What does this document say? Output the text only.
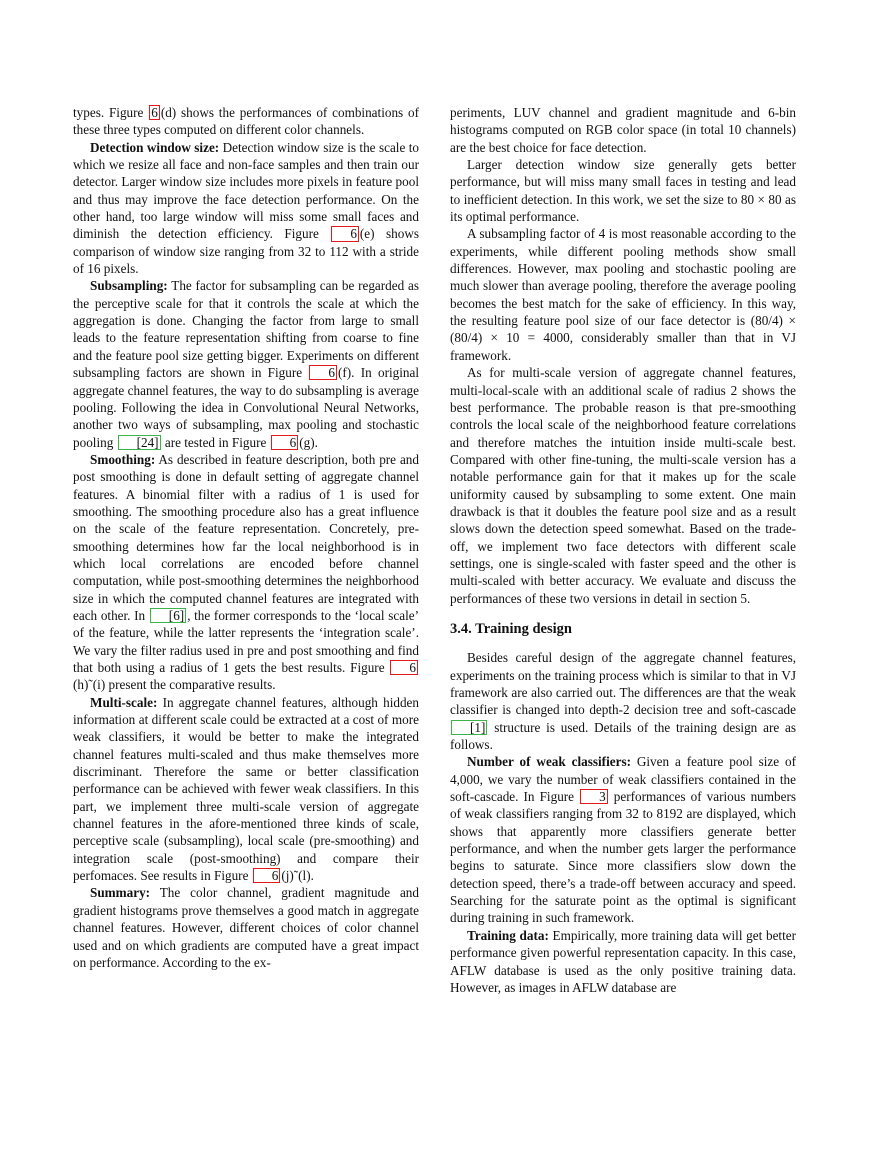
types. Figure 6 (d) shows the performances of combinations of these three types computed on different color channels.

Detection window size: Detection window size is the scale to which we resize all face and non-face samples and then train our detector. Larger window size includes more pixels in feature pool and thus may improve the face detection performance. On the other hand, too large window will miss some small faces and diminish the detection efficiency. Figure 6 (e) shows comparison of window size ranging from 32 to 112 with a stride of 16 pixels.

Subsampling: The factor for subsampling can be regarded as the perceptive scale for that it controls the scale at which the aggregation is done. Changing the factor from large to small leads to the feature representation shifting from coarse to fine and the feature pool size getting bigger. Experiments on different subsampling factors are shown in Figure 6 (f). In original aggregate channel features, the way to do subsampling is average pooling. Following the idea in Convolutional Neural Networks, another two ways of subsampling, max pooling and stochastic pooling [24] are tested in Figure 6 (g).

Smoothing: As described in feature description, both pre and post smoothing is done in default setting of aggregate channel features. A binomial filter with a radius of 1 is used for smoothing. The smoothing procedure also has a great influence on the scale of the feature representation. Concretely, pre-smoothing determines how far the local neighborhood is in which local correlations are encoded before channel computation, while post-smoothing determines the neighborhood size in which the computed channel features are integrated with each other. In [6] , the former corresponds to the ‘local scale’ of the feature, while the latter represents the ‘integration scale’. We vary the filter radius used in pre and post smoothing and find that both using a radius of 1 gets the best results. Figure 6(h)˜(i) present the comparative results.

Multi-scale: In aggregate channel features, although hidden information at different scale could be extracted at a cost of more weak classifiers, it would be better to make the integrated channel features multi-scaled and thus make themselves more discriminant. Therefore the same or better classification performance can be achieved with fewer weak classifiers. In this part, we implement three multi-scale version of aggregate channel features in the afore-mentioned three kinds of scale, perceptive scale (subsampling), local scale (pre-smoothing) and integration scale (post-smoothing) and compare their perfomaces. See results in Figure 6 (j)˜(l).

Summary: The color channel, gradient magnitude and gradient histograms prove themselves a good match in aggregate channel features. However, different choices of color channel used and on which gradients are computed have a great impact on performance. According to the ex-

periments, LUV channel and gradient magnitude and 6-bin histograms computed on RGB color space (in total 10 channels) are the best choice for face detection.

Larger detection window size generally gets better performance, but will miss many small faces in testing and lead to inefficient detection. In this work, we set the size to 80 × 80 as its optimal performance.

A subsampling factor of 4 is most reasonable according to the experiments, while different pooling methods show small differences. However, max pooling and stochastic pooling are much slower than average pooling, therefore the average pooling becomes the best match for the sake of efficiency. In this way, the resulting feature pool size of our face detector is (80/4) × (80/4) × 10 = 4000, considerably smaller than that in VJ framework.

As for multi-scale version of aggregate channel features, multi-local-scale with an additional scale of radius 2 shows the best performance. The probable reason is that pre-smoothing controls the local scale of the neighborhood feature correlations and therefore matches the intuition inside multi-scale best. Compared with other fine-tuning, the multi-scale version has a notable performance gain for that it makes up for the scale uniformity caused by subsampling to some extent. One main drawback is that it doubles the feature pool size and as a result slows down the detection speed somewhat. Based on the trade-off, we implement two face detectors with different scale settings, one is single-scaled with faster speed and the other is multi-scaled with better accuracy. We evaluate and discuss the performances of these two versions in detail in section 5.

3.4. Training design

Besides careful design of the aggregate channel features, experiments on the training process which is similar to that in VJ framework are also carried out. The differences are that the weak classifier is changed into depth-2 decision tree and soft-cascade [1] structure is used. Details of the training design are as follows.

Number of weak classifiers: Given a feature pool size of 4,000, we vary the number of weak classifiers contained in the soft-cascade. In Figure 3 performances of various numbers of weak classifiers ranging from 32 to 8192 are displayed, which shows that apparently more classifiers generate better performance, and when the number gets larger the performance begins to saturate. Since more classifiers slow down the detection speed, there’s a trade-off between accuracy and speed. Searching for the saturate point as the optimal is significant during training in such framework.

Training data: Empirically, more training data will get better performance given powerful representation capacity. In this case, AFLW database is used as the only positive training data. However, as images in AFLW database are
